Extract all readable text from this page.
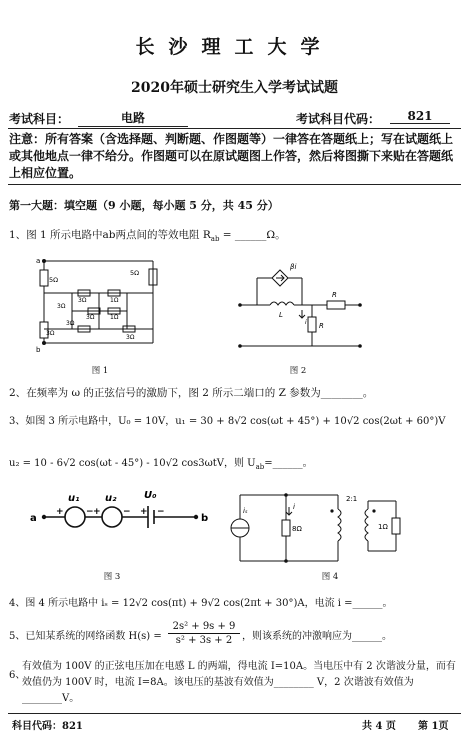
长沙理工大学
2020年硕士研究生入学考试试题
考试科目：	电路	考试科目代码：	821
注意：所有答案（含选择题、判断题、作图题等）一律答在答题纸上；写在试题纸上或其他地点一律不给分。作图题可以在原试题图上作答，然后将图撕下来贴在答题纸上相应位置。
第一大题：填空题（9 小题，每小题 5 分，共 45 分）
1、图 1 所示电路中ab两点间的等效电阻 $R_{ab}$ = ______Ω。
a
b
5Ω
5Ω
3Ω
3Ω
1Ω
3Ω	1Ω
3Ω
3Ω
3Ω
图 1
βi
L
R
R
i
图 2
2、在频率为 ω 的正弦信号的激励下，图 2 所示二端口的 Z 参数为________。
3、如图 3 所示电路中，U₀ = 10V，u₁ = 30 + 8√2 cos(ωt + 45°) + 10√2 cos(2ωt + 60°)V
u₂ = 10 - 6√2 cos(ωt - 45°) - 10√2 cos3ωtV，则 $U_{ab}=\_\_\_\_\_\_$。
a	b
u₁	u₂	U₀
+ − + − + −
图 3
iₛ	i
8Ω
2:1
1Ω
图 4
4、图 4 所示电路中 iₛ = 12√2 cos(πt) + 9√2 cos(2πt + 30°)A，电流 i =______。
5、已知某系统的网络函数 $H(s) = \frac{\text{2s² + 9s + 9}}{\text{s² + 3s + 2}}$ ，则该系统的冲激响应为______。
6、
有效值为 100V 的正弦电压加在电感 L 的两端，得电流 I=10A。当电压中有 2 次谐波分量，而有效值仍为 100V 时，电流 I=8A。该电压的基波有效值为________ V，2 次谐波有效值为________V。
科目代码：821	共 4 页 第 1页
